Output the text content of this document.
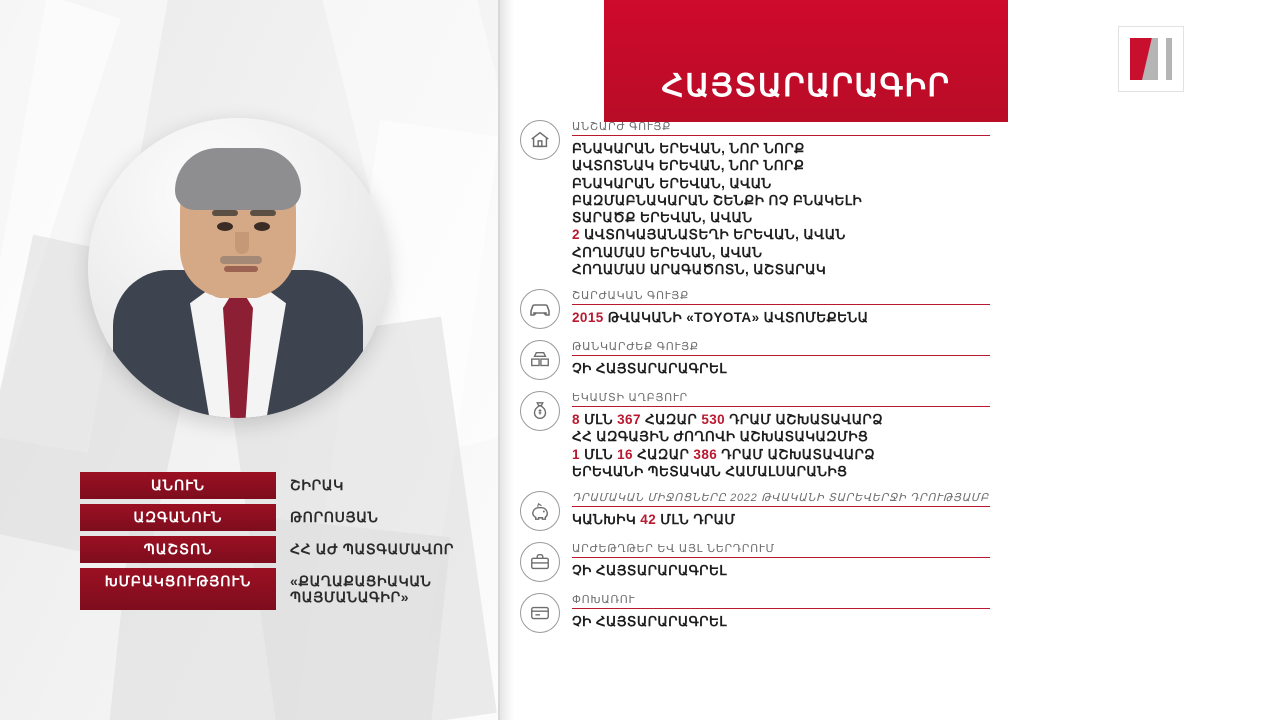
ՀԱՅՏԱՐԱՐԱԳԻՐ
ԱՆՈՒՆ	ՇԻՐԱԿ
ԱԶԳԱՆՈՒՆ	ԹՈՐՈՍՅԱՆ
ՊԱՇՏՈՆ	ՀՀ ԱԺ ՊԱՏԳԱՄԱՎՈՐ
ԽՄԲԱԿՑՈՒԹՅՈՒՆ	«ՔԱՂԱՔԱՑԻԱԿԱՆ ՊԱՅՄԱՆԱԳԻՐ»
ԱՆՇԱՐԺ ԳՈՒՅՔ
ԲՆԱԿԱՐԱՆ ԵՐԵՎԱՆ, ՆՈՐ ՆՈՐՔ
ԱՎՏՈՏՆԱԿ ԵՐԵՎԱՆ, ՆՈՐ ՆՈՐՔ
ԲՆԱԿԱՐԱՆ ԵՐԵՎԱՆ, ԱՎԱՆ
ԲԱԶՄԱԲՆԱԿԱՐԱՆ ՇԵՆՔԻ ՈՉ ԲՆԱԿԵԼԻ
ՏԱՐԱԾՔ ԵՐԵՎԱՆ, ԱՎԱՆ
2 ԱՎՏՈԿԱՅԱՆԱՏԵՂԻ ԵՐԵՎԱՆ, ԱՎԱՆ
ՀՈՂԱՄԱՍ ԵՐԵՎԱՆ, ԱՎԱՆ
ՀՈՂԱՄԱՍ ԱՐԱԳԱԾՈՏՆ, ԱՇՏԱՐԱԿ
ՇԱՐԺԱԿԱՆ ԳՈՒՅՔ
2015 ԹՎԱԿԱՆԻ «TOYOTA» ԱՎՏՈՄԵՔԵՆԱ
ԹԱՆԿԱՐԺԵՔ ԳՈՒՅՔ
ՉԻ ՀԱՅՏԱՐԱՐԱԳՐԵԼ
ԵԿԱՄՏԻ ԱՂԲՅՈՒՐ
8 ՄԼՆ 367 ՀԱԶԱՐ 530 ԴՐԱՄ ԱՇԽԱՏԱՎԱՐՁ
ՀՀ ԱԶԳԱՅԻՆ ԺՈՂՈՎԻ ԱՇԽԱՏԱԿԱԶՄԻՑ
1 ՄԼՆ 16 ՀԱԶԱՐ 386 ԴՐԱՄ ԱՇԽԱՏԱՎԱՐՁ
ԵՐԵՎԱՆԻ ՊԵՏԱԿԱՆ ՀԱՄԱԼՍԱՐԱՆԻՑ
ԴՐԱՄԱԿԱՆ ՄԻՋՈՑՆԵՐԸ 2022 ԹՎԱԿԱՆԻ ՏԱՐԵՎԵՐՋԻ ԴՐՈՒԹՅԱՄԲ
ԿԱՆԽԻԿ 42 ՄԼՆ ԴՐԱՄ
ԱՐԺԵԹՂԹԵՐ ԵՎ ԱՅԼ ՆԵՐԴՐՈՒՄ
ՉԻ ՀԱՅՏԱՐԱՐԱԳՐԵԼ
ՓՈԽԱՌՈՒ
ՉԻ ՀԱՅՏԱՐԱՐԱԳՐԵԼ
